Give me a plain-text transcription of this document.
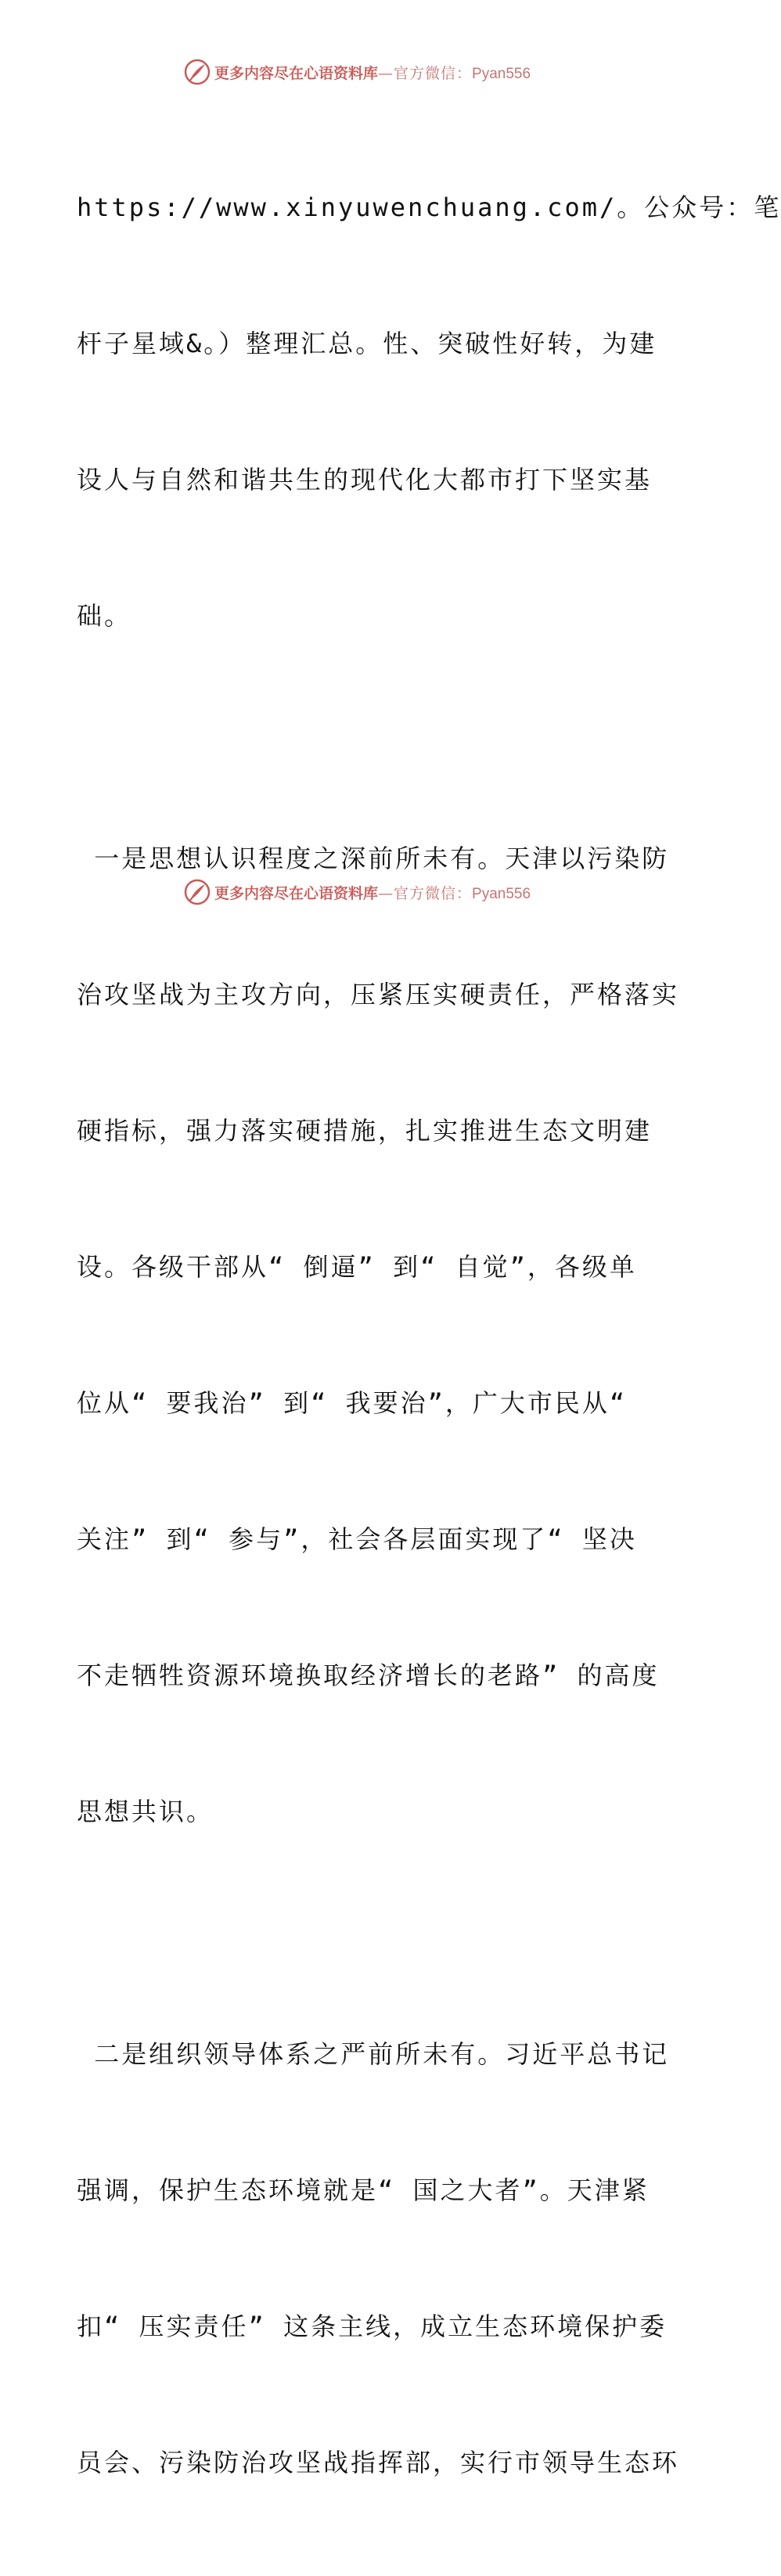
更多内容尽在心语资料库—官方微信：Pyan556

https://www.xinyuwenchuang.com/。公众号：笔

杆子星域&。）整理汇总。性、突破性好转，为建

设人与自然和谐共生的现代化大都市打下坚实基

础。

一是思想认识程度之深前所未有。天津以污染防

治攻坚战为主攻方向，压紧压实硬责任，严格落实

硬指标，强力落实硬措施，扎实推进生态文明建

设。各级干部从“ 倒逼” 到“ 自觉”，各级单

位从“ 要我治” 到“ 我要治”，广大市民从“

关注” 到“ 参与”，社会各层面实现了“ 坚决

不走牺牲资源环境换取经济增长的老路” 的高度

思想共识。

二是组织领导体系之严前所未有。习近平总书记

强调，保护生态环境就是“ 国之大者”。天津紧

扣“ 压实责任” 这条主线，成立生态环境保护委

员会、污染防治攻坚战指挥部，实行市领导生态环

更多内容尽在心语资料库—官方微信：Pyan556
